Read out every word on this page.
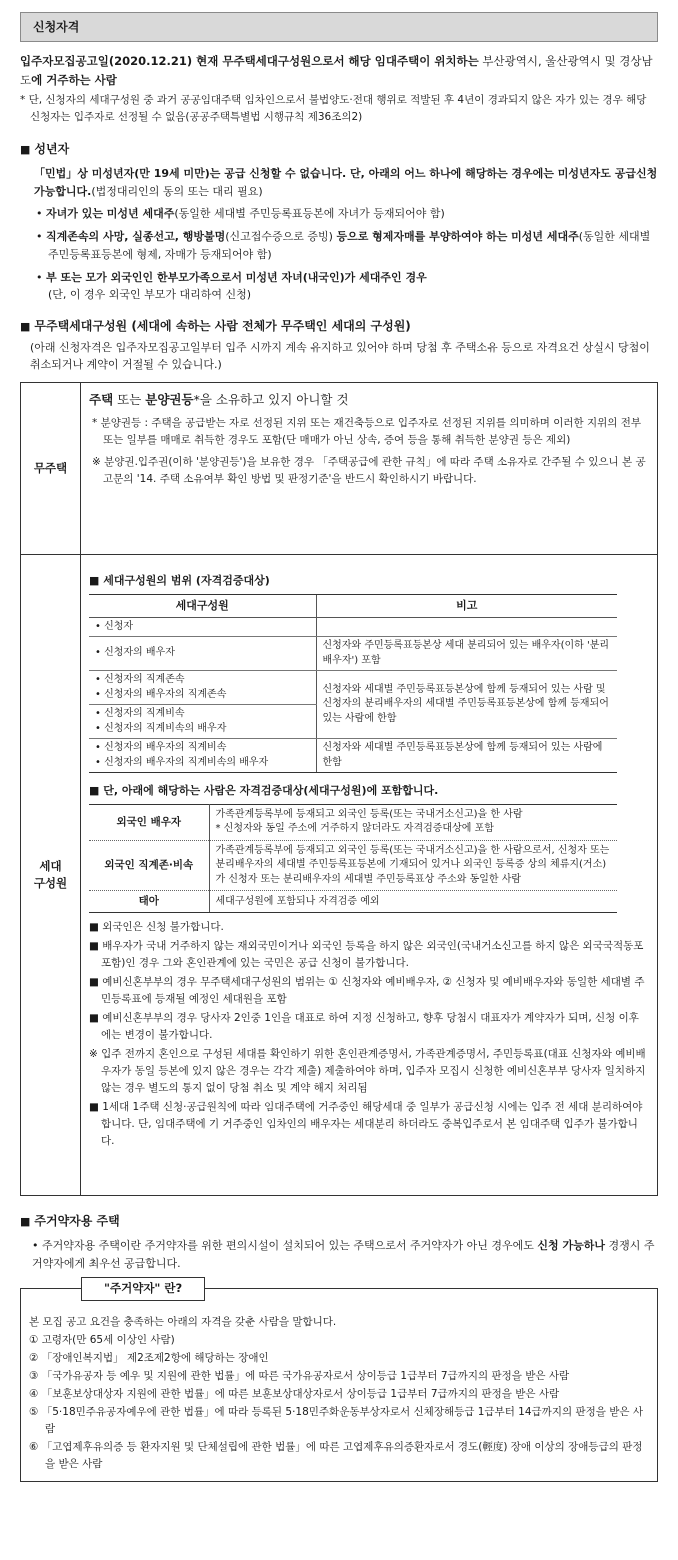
신청자격
입주자모집공고일(2020.12.21) 현재 무주택세대구성원으로서 해당 임대주택이 위치하는 부산광역시, 울산광역시 및 경상남도에 거주하는 사람
* 단, 신청자의 세대구성원 중 과거 공공임대주택 임차인으로서 불법양도·전대 행위로 적발된 후 4년이 경과되지 않은 자가 있는 경우 해당 신청자는 입주자로 선정될 수 없음(공공주택특별법 시행규칙 제36조의2)
■ 성년자
「민법」상 미성년자(만 19세 미만)는 공급 신청할 수 없습니다. 단, 아래의 어느 하나에 해당하는 경우에는 미성년자도 공급신청 가능합니다.(법정대리인의 동의 또는 대리 필요)
• 자녀가 있는 미성년 세대주(동일한 세대별 주민등록표등본에 자녀가 등재되어야 함)
• 직계존속의 사망, 실종선고, 행방불명(신고접수증으로 증빙) 등으로 형제자매를 부양하여야 하는 미성년 세대주(동일한 세대별 주민등록표등본에 형제, 자매가 등재되어야 함)
• 부 또는 모가 외국인인 한부모가족으로서 미성년 자녀(내국인)가 세대주인 경우
(단, 이 경우 외국인 부모가 대리하여 신청)
■ 무주택세대구성원 (세대에 속하는 사람 전체가 무주택인 세대의 구성원)
(아래 신청자격은 입주자모집공고일부터 입주 시까지 계속 유지하고 있어야 하며 당첨 후 주택소유 등으로 자격요건 상실시 당첨이 취소되거나 계약이 거절될 수 있습니다.)
무주택
주택 또는 분양권등*을 소유하고 있지 아니할 것
* 분양권등 : 주택을 공급받는 자로 선정된 지위 또는 재건축등으로 입주자로 선정된 지위를 의미하며 이러한 지위의 전부 또는 일부를 매매로 취득한 경우도 포함(단 매매가 아닌 상속, 증여 등을 통해 취득한 분양권 등은 제외)
※ 분양권.입주권(이하 '분양권등')을 보유한 경우 「주택공급에 관한 규칙」에 따라 주택 소유자로 간주될 수 있으니 본 공고문의 '14. 주택 소유여부 확인 방법 및 판정기준'을 반드시 확인하시기 바랍니다.
세대
구성원
■ 세대구성원의 범위 (자격검증대상)
세대구성원	비고

• 신청자	

• 신청자의 배우자	신청자와 주민등록표등본상 세대 분리되어 있는 배우자(이하 '분리배우자') 포함

• 신청자의 직계존속
• 신청자의 배우자의 직계존속	신청자와 세대별 주민등록표등본상에 함께 등재되어 있는 사람 및 신청자의 분리배우자의 세대별 주민등록표등본상에 함께 등재되어 있는 사람에 한함

• 신청자의 직계비속
• 신청자의 직계비속의 배우자	

• 신청자의 배우자의 직계비속
• 신청자의 배우자의 직계비속의 배우자	신청자와 세대별 주민등록표등본상에 함께 등재되어 있는 사람에 한함
■ 단, 아래에 해당하는 사람은 자격검증대상(세대구성원)에 포함합니다.
외국인 배우자	가족관계등록부에 등재되고 외국인 등록(또는 국내거소신고)을 한 사람
* 신청자와 동일 주소에 거주하지 않더라도 자격검증대상에 포함
외국인 직계존·비속	가족관계등록부에 등재되고 외국인 등록(또는 국내거소신고)을 한 사람으로서, 신청자 또는 분리배우자의 세대별 주민등록표등본에 기재되어 있거나 외국인 등록증 상의 체류지(거소)가 신청자 또는 분리배우자의 세대별 주민등록표상 주소와 동일한 사람
태아	세대구성원에 포함되나 자격검증 예외
■ 외국인은 신청 불가합니다.
■ 배우자가 국내 거주하지 않는 재외국민이거나 외국인 등록을 하지 않은 외국인(국내거소신고를 하지 않은 외국국적동포 포함)인 경우 그와 혼인관계에 있는 국민은 공급 신청이 불가합니다.
■ 예비신혼부부의 경우 무주택세대구성원의 범위는 ① 신청자와 예비배우자, ② 신청자 및 예비배우자와 동일한 세대별 주민등록표에 등재될 예정인 세대원을 포함
■ 예비신혼부부의 경우 당사자 2인중 1인을 대표로 하여 지정 신청하고, 향후 당첨시 대표자가 계약자가 되며, 신청 이후에는 변경이 불가합니다.
※ 입주 전까지 혼인으로 구성된 세대를 확인하기 위한 혼인관계증명서, 가족관계증명서, 주민등록표(대표 신청자와 예비배우자가 동일 등본에 있지 않은 경우는 각각 제출) 제출하여야 하며, 입주자 모집시 신청한 예비신혼부부 당사자 일치하지 않는 경우 별도의 통지 없이 당첨 취소 및 계약 해지 처리됨
■ 1세대 1주택 신청·공급원칙에 따라 임대주택에 거주중인 해당세대 중 일부가 공급신청 시에는 입주 전 세대 분리하여야 합니다. 단, 임대주택에 기 거주중인 임차인의 배우자는 세대분리 하더라도 중복입주로서 본 임대주택 입주가 불가합니다.
■ 주거약자용 주택
• 주거약자용 주택이란 주거약자를 위한 편의시설이 설치되어 있는 주택으로서 주거약자가 아닌 경우에도 신청 가능하나 경쟁시 주거약자에게 최우선 공급합니다.
"주거약자" 란?
본 모집 공고 요건을 충족하는 아래의 자격을 갖춘 사람을 말합니다.
① 고령자(만 65세 이상인 사람)
② 「장애인복지법」 제2조제2항에 해당하는 장애인
③ 「국가유공자 등 예우 및 지원에 관한 법률」에 따른 국가유공자로서 상이등급 1급부터 7급까지의 판정을 받은 사람
④ 「보훈보상대상자 지원에 관한 법률」에 따른 보훈보상대상자로서 상이등급 1급부터 7급까지의 판정을 받은 사람
⑤ 「5·18민주유공자예우에 관한 법률」에 따라 등록된 5·18민주화운동부상자로서 신체장해등급 1급부터 14급까지의 판정을 받은 사람
⑥ 「고엽제후유의증 등 환자지원 및 단체설립에 관한 법률」에 따른 고엽제후유의증환자로서 경도(輕度) 장애 이상의 장애등급의 판정을 받은 사람
